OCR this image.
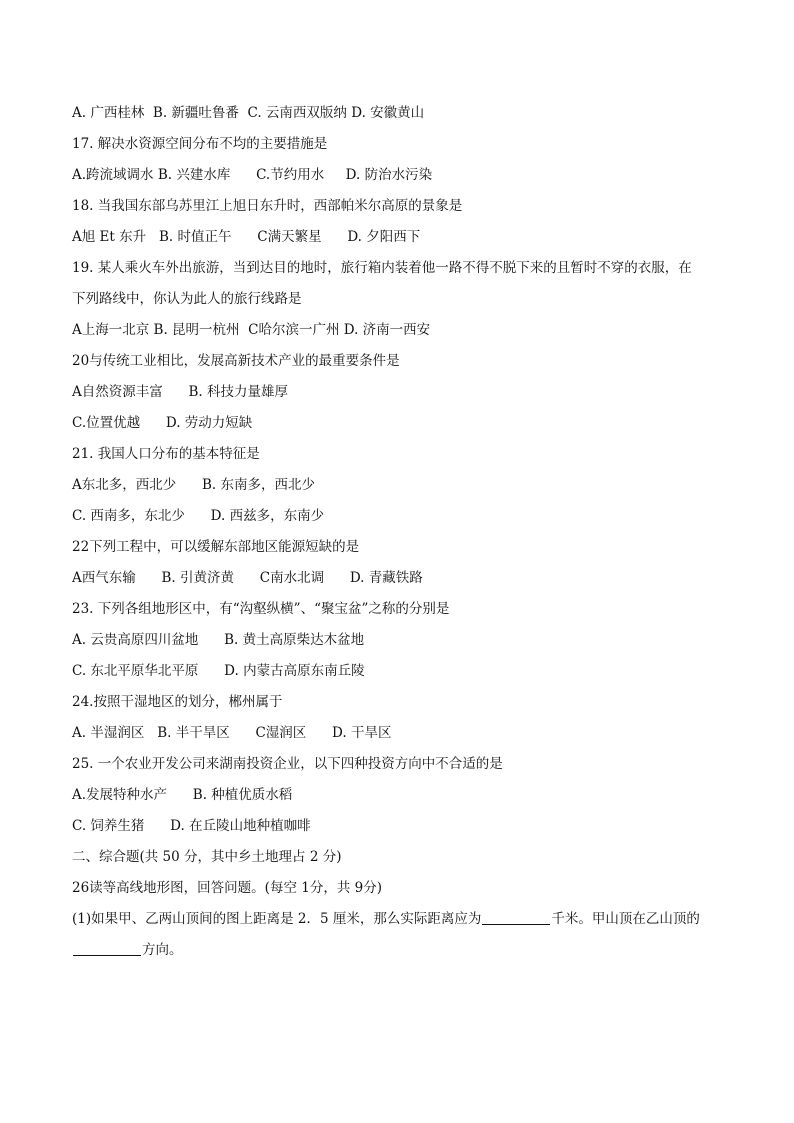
A. 广西桂林  B. 新疆吐鲁番  C. 云南西双版纳 D. 安徽黄山
17. 解决水资源空间分布不均的主要措施是
A.跨流域调水 B. 兴建水库      C.节约用水     D. 防治水污染
18. 当我国东部乌苏里江上旭日东升时，西部帕米尔高原的景象是
A旭 Et 东升   B. 时值正午      C满天繁星      D. 夕阳西下
19. 某人乘火车外出旅游，当到达目的地时，旅行箱内装着他一路不得不脱下来的且暂时不穿的衣服，在
下列路线中，你认为此人的旅行线路是
A上海一北京 B. 昆明一杭州  C哈尔滨一广州 D. 济南一西安
20与传统工业相比，发展高新技术产业的最重要条件是
A自然资源丰富      B. 科技力量雄厚
C.位置优越      D. 劳动力短缺
21. 我国人口分布的基本特征是
A东北多，西北少      B. 东南多，西北少
C. 西南多，东北少      D. 西兹多，东南少
22下列工程中，可以缓解东部地区能源短缺的是
A西气东输      B. 引黄济黄      C南水北调      D. 青藏铁路
23. 下列各组地形区中，有“沟壑纵横”、“聚宝盆”之称的分别是
A. 云贵高原四川盆地      B. 黄土高原柴达木盆地
C. 东北平原华北平原      D. 内蒙古高原东南丘陵
24.按照干湿地区的划分，郴州属于
A. 半湿润区   B. 半干旱区      C湿润区      D. 干旱区
25. 一个农业开发公司来湖南投资企业，以下四种投资方向中不合适的是
A.发展特种水产      B. 种植优质水稻
C. 饲养生猪      D. 在丘陵山地种植咖啡
二、综合题(共 50 分，其中乡土地理占 2 分)
26读等高线地形图，回答问题。(每空 1分，共 9分)
(1)如果甲、乙两山顶间的图上距离是 2．5 厘米，那么实际距离应为	千米。甲山顶在乙山顶的
方向。
